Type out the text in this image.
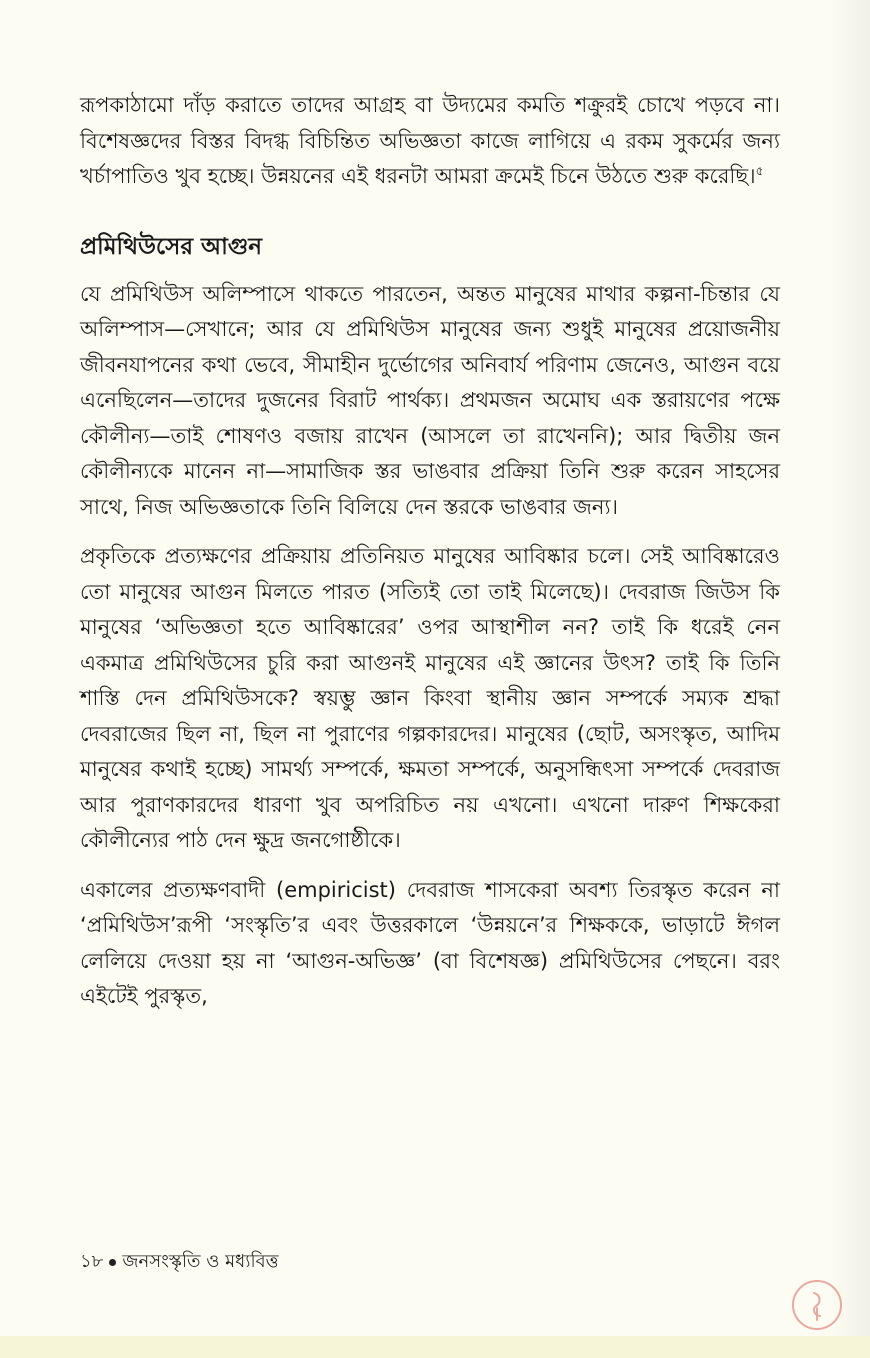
রূপকাঠামো দাঁড় করাতে তাদের আগ্রহ বা উদ্যমের কমতি শক্রুরই চোখে পড়বে না। বিশেষজ্ঞদের বিস্তর বিদগ্ধ বিচিন্তিত অভিজ্ঞতা কাজে লাগিয়ে এ রকম সুকর্মের জন্য খর্চাপাতিও খুব হচ্ছে। উন্নয়নের এই ধরনটা আমরা ক্রমেই চিনে উঠতে শুরু করেছি।$^৫$

প্রমিথিউসের আগুন

যে প্রমিথিউস অলিম্পাসে থাকতে পারতেন, অন্তত মানুষের মাথার কল্পনা-চিন্তার যে অলিম্পাস—সেখানে; আর যে প্রমিথিউস মানুষের জন্য শুধুই মানুষের প্রয়োজনীয় জীবনযাপনের কথা ভেবে, সীমাহীন দুর্ভোগের অনিবার্য পরিণাম জেনেও, আগুন বয়ে এনেছিলেন—তাদের দুজনের বিরাট পার্থক্য। প্রথমজন অমোঘ এক স্তরায়ণের পক্ষে কৌলীন্য—তাই শোষণও বজায় রাখেন (আসলে তা রাখেননি); আর দ্বিতীয় জন কৌলীন্যকে মানেন না—সামাজিক স্তর ভাঙবার প্রক্রিয়া তিনি শুরু করেন সাহসের সাথে, নিজ অভিজ্ঞতাকে তিনি বিলিয়ে দেন স্তরকে ভাঙবার জন্য।

প্রকৃতিকে প্রত্যক্ষণের প্রক্রিয়ায় প্রতিনিয়ত মানুষের আবিষ্কার চলে। সেই আবিষ্কারেও তো মানুষের আগুন মিলতে পারত (সত্যিই তো তাই মিলেছে)। দেবরাজ জিউস কি মানুষের ‘অভিজ্ঞতা হতে আবিষ্কারের’ ওপর আস্থাশীল নন? তাই কি ধরেই নেন একমাত্র প্রমিথিউসের চুরি করা আগুনই মানুষের এই জ্ঞানের উৎস? তাই কি তিনি শাস্তি দেন প্রমিথিউসকে? স্বয়ম্ভু জ্ঞান কিংবা স্থানীয় জ্ঞান সম্পর্কে সম্যক শ্রদ্ধা দেবরাজের ছিল না, ছিল না পুরাণের গল্পকারদের। মানুষের (ছোট, অসংস্কৃত, আদিম মানুষের কথাই হচ্ছে) সামর্থ্য সম্পর্কে, ক্ষমতা সম্পর্কে, অনুসন্ধিৎসা সম্পর্কে দেবরাজ আর পুরাণকারদের ধারণা খুব অপরিচিত নয় এখনো। এখনো দারুণ শিক্ষকেরা কৌলীন্যের পাঠ দেন ক্ষুদ্র জনগোষ্ঠীকে।

একালের প্রত্যক্ষণবাদী (empiricist) দেবরাজ শাসকেরা অবশ্য তিরস্কৃত করেন না ‘প্রমিথিউস’রূপী ‘সংস্কৃতি’র এবং উত্তরকালে ‘উন্নয়নে’র শিক্ষককে, ভাড়াটে ঈগল লেলিয়ে দেওয়া হয় না ‘আগুন-অভিজ্ঞ’ (বা বিশেষজ্ঞ) প্রমিথিউসের পেছনে। বরং এইটেই পুরস্কৃত,

১৮ জনসংস্কৃতি ও মধ্যবিত্ত
